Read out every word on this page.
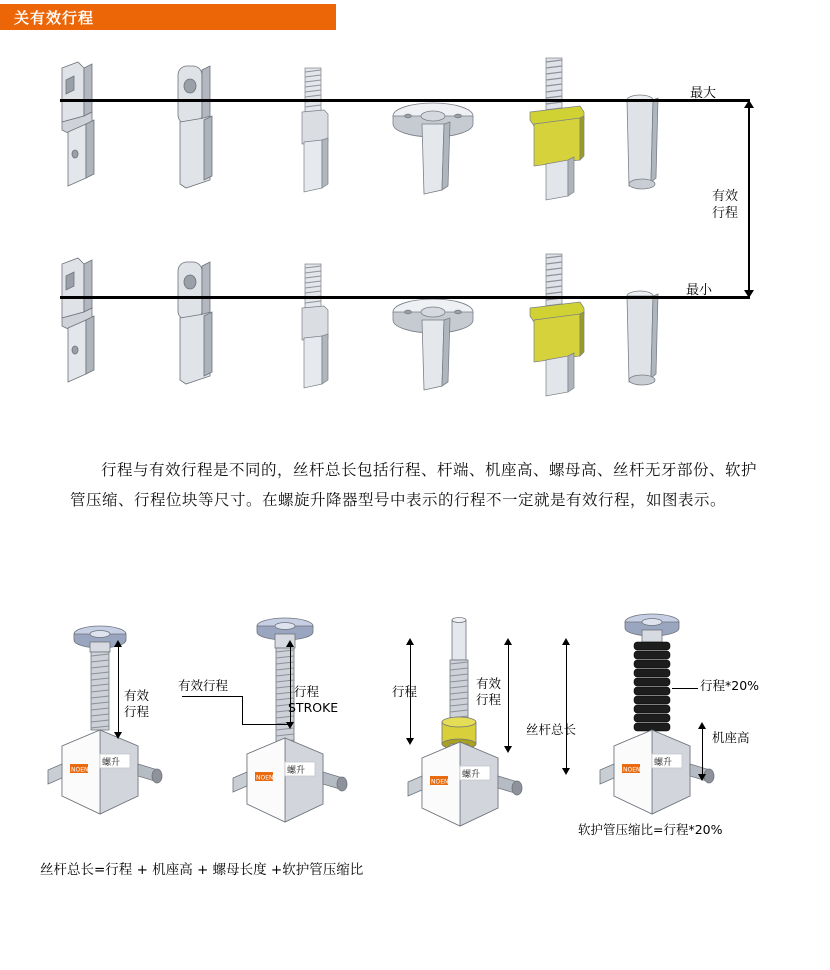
关有效行程
最大
最小
有效
行程
行程与有效行程是不同的，丝杆总长包括行程、杆端、机座高、螺母高、丝杆无牙部份、软护管压缩、行程位块等尺寸。在螺旋升降器型号中表示的行程不一定就是有效行程，如图表示。
螺升
NOEN
有效
行程
螺升
NOEN
有效行程	行程
STROKE
螺升
NOEN
行程
有效
行程
螺升
NOEN
行程*20%
丝杆总长
机座高
软护管压缩比=行程*20%
丝杆总长=行程 + 机座高 + 螺母长度 +软护管压缩比
